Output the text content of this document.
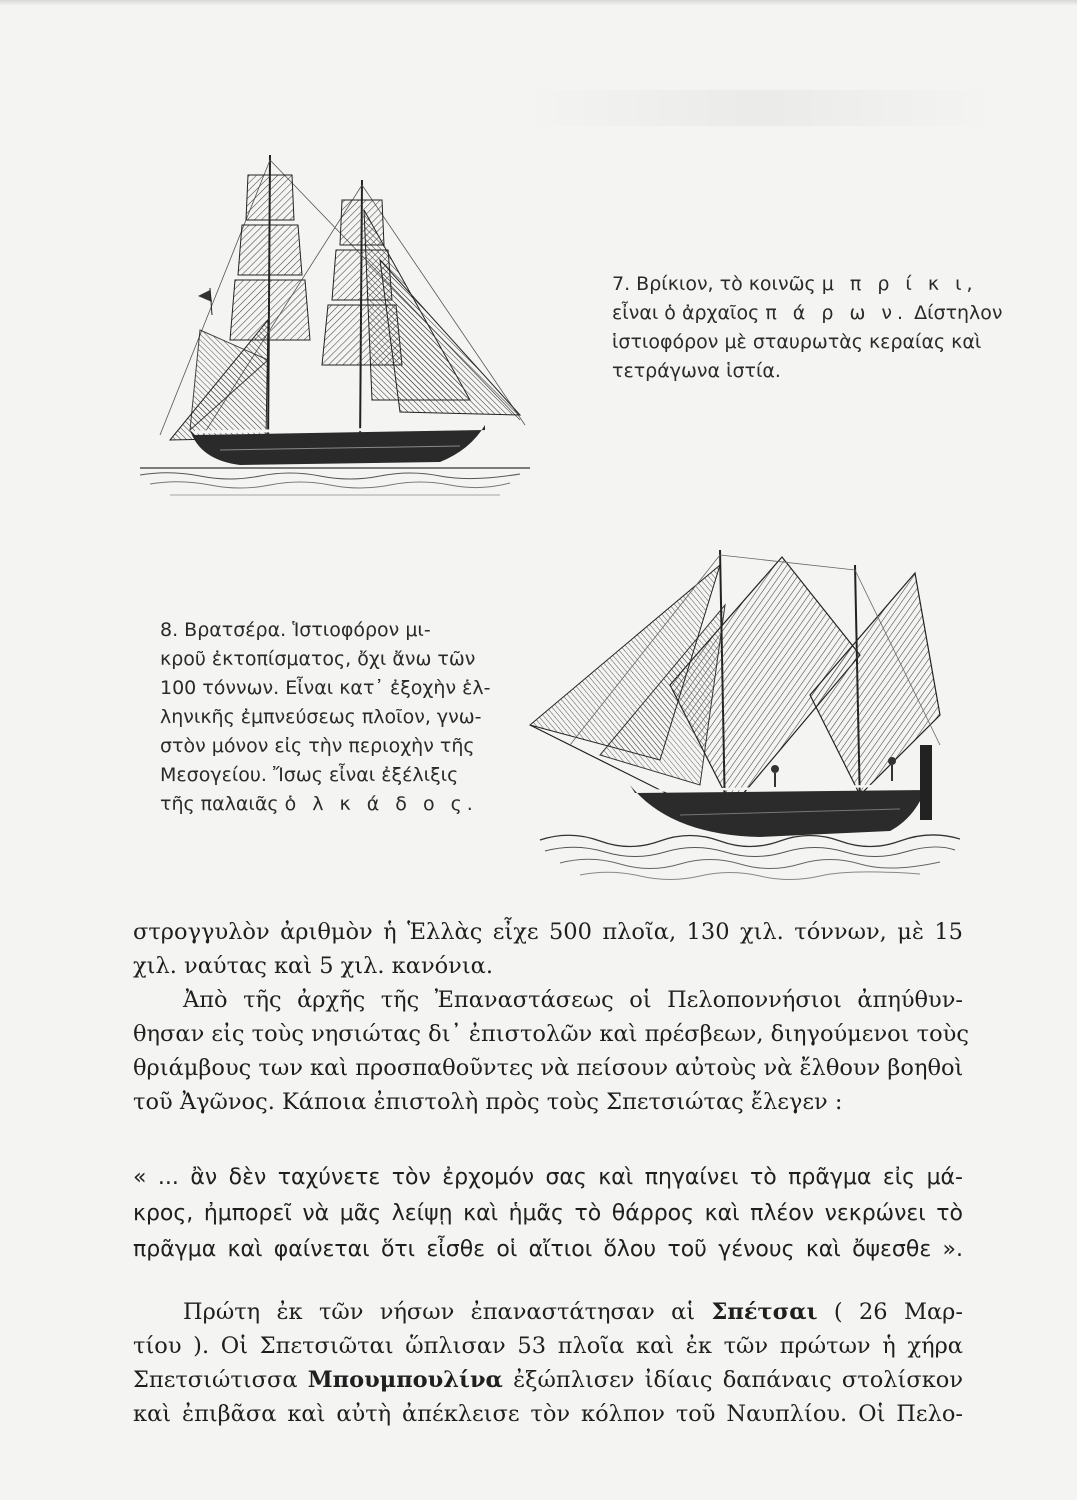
7. Βρίκιον, τὸ κοινῶς μ π ρ ί κ ι,
εἶναι ὁ ἀρχαῖος π ά ρ ω ν. Δίστηλον
ἱστιοφόρον μὲ σταυρωτὰς κεραίας καὶ
τετράγωνα ἱστία.
8. Βρατσέρα. Ἱστιοφόρον μι-
κροῦ ἐκτοπίσματος, ὄχι ἄνω τῶν
100 τόννων. Εἶναι κατ᾽ ἐξοχὴν ἑλ-
ληνικῆς ἐμπνεύσεως πλοῖον, γνω-
στὸν μόνον εἰς τὴν περιοχὴν τῆς
Μεσογείου. Ἴσως εἶναι ἐξέλιξις
τῆς παλαιᾶς ὁ λ κ ά δ ο ς.
στρογγυλὸν ἀριθμὸν ἡ Ἑλλὰς εἶχε 500 πλοῖα, 130 χιλ. τόννων, μὲ 15
χιλ. ναύτας καὶ 5 χιλ. κανόνια.
Ἀπὸ τῆς ἀρχῆς τῆς Ἐπαναστάσεως οἱ Πελοποννήσιοι ἀπηύθυν-
θησαν εἰς τοὺς νησιώτας δι᾽ ἐπιστολῶν καὶ πρέσβεων, διηγούμενοι τοὺς
θριάμβους των καὶ προσπαθοῦντες νὰ πείσουν αὐτοὺς νὰ ἔλθουν βοηθοὶ
τοῦ Ἀγῶνος. Κάποια ἐπιστολὴ πρὸς τοὺς Σπετσιώτας ἔλεγεν :
« ... ἂν δὲν ταχύνετε τὸν ἐρχομόν σας καὶ πηγαίνει τὸ πρᾶγμα εἰς μά-
κρος, ἠμπορεῖ νὰ μᾶς λείψῃ καὶ ἡμᾶς τὸ θάρρος καὶ πλέον νεκρώνει τὸ
πρᾶγμα καὶ φαίνεται ὅτι εἶσθε οἱ αἴτιοι ὅλου τοῦ γένους καὶ ὄψεσθε ».
Πρώτη ἐκ τῶν νήσων ἐπαναστάτησαν αἱ Σπέτσαι ( 26 Μαρ-
τίου ). Οἱ Σπετσιῶται ὥπλισαν 53 πλοῖα καὶ ἐκ τῶν πρώτων ἡ χήρα
Σπετσιώτισσα Μπουμπουλίνα ἐξώπλισεν ἰδίαις δαπάναις στολίσκον
καὶ ἐπιβᾶσα καὶ αὐτὴ ἀπέκλεισε τὸν κόλπον τοῦ Ναυπλίου. Οἱ Πελο-
